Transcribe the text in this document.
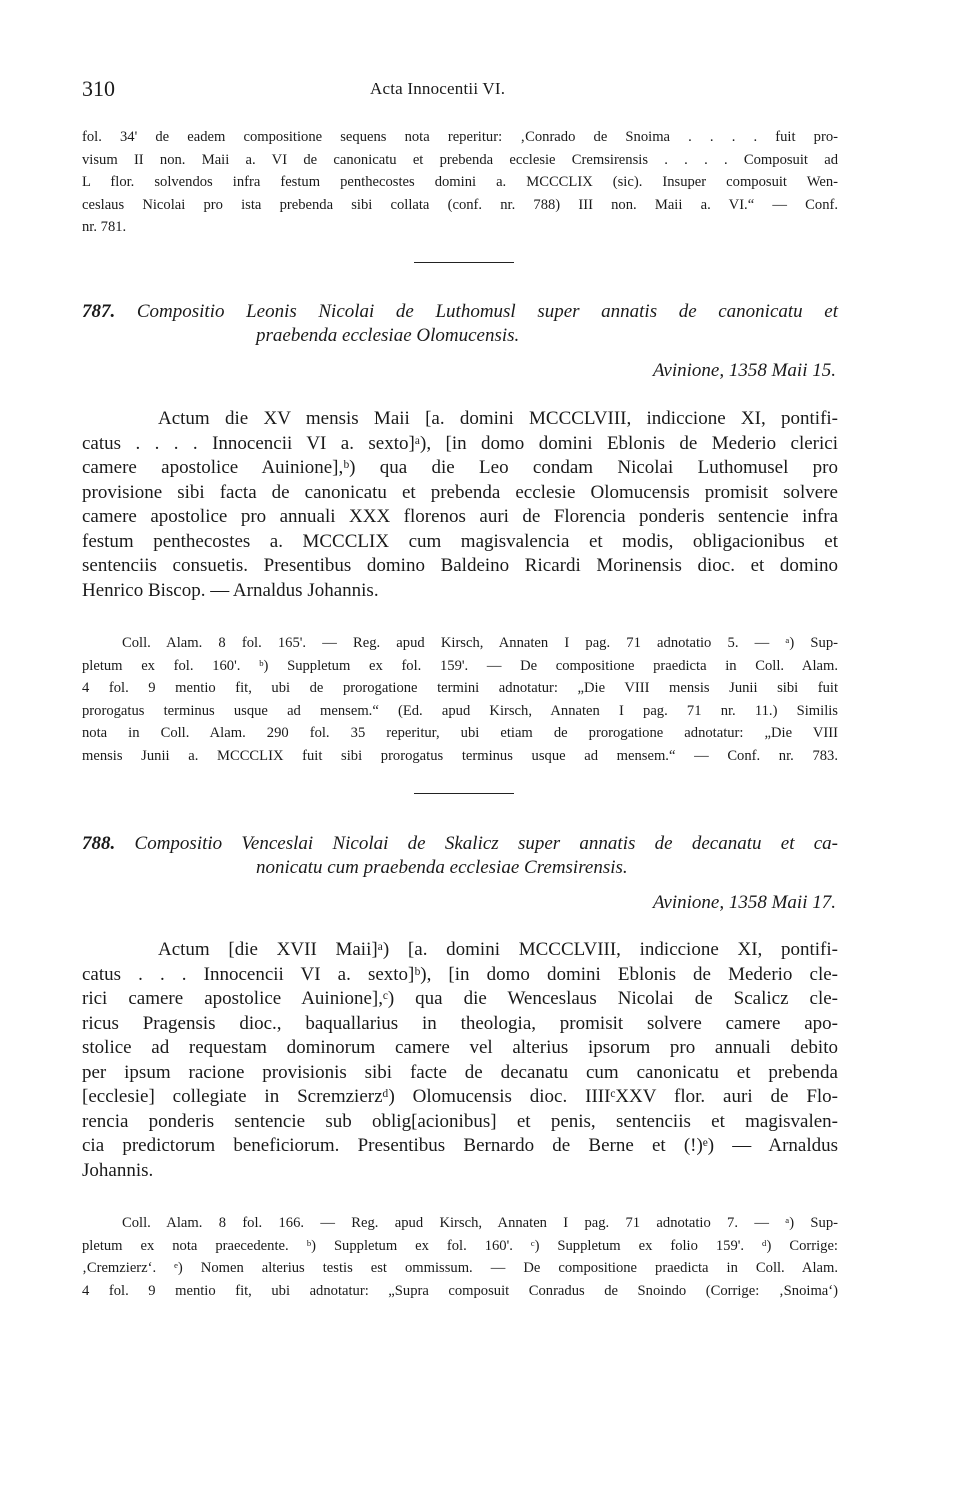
310	Acta Innocentii VI.
fol. 34' de eadem compositione sequens nota reperitur: ‚Conrado de Snoima . . . . fuit pro-
visum II non. Maii a. VI de canonicatu et prebenda ecclesie Cremsirensis . . . . Composuit ad
L flor. solvendos infra festum penthecostes domini a. MCCCLIX (sic). Insuper composuit Wen-
ceslaus Nicolai pro ista prebenda sibi collata (conf. nr. 788) III non. Maii a. VI.“ — Conf.
nr. 781.
787. Compositio Leonis Nicolai de Luthomusl super annatis de canonicatu et
praebenda ecclesiae Olomucensis.
Avinione, 1358 Maii 15.
Actum die XV mensis Maii [a. domini MCCCLVIII, indiccione XI, pontifi-
catus . . . . Innocencii VI a. sexto]ᵃ), [in domo domini Eblonis de Mederio clerici
camere apostolice Auinione],ᵇ) qua die Leo condam Nicolai Luthomusel pro
provisione sibi facta de canonicatu et prebenda ecclesie Olomucensis promisit solvere
camere apostolice pro annuali XXX florenos auri de Florencia ponderis sentencie infra
festum penthecostes a. MCCCLIX cum magisvalencia et modis, obligacionibus et
sentenciis consuetis. Presentibus domino Baldeino Ricardi Morinensis dioc. et domino
Henrico Biscop. — Arnaldus Johannis.
Coll. Alam. 8 fol. 165'. — Reg. apud Kirsch, Annaten I pag. 71 adnotatio 5. — ᵃ) Sup-
pletum ex fol. 160'. ᵇ) Suppletum ex fol. 159'. — De compositione praedicta in Coll. Alam.
4 fol. 9 mentio fit, ubi de prorogatione termini adnotatur: „Die VIII mensis Junii sibi fuit
prorogatus terminus usque ad mensem.“ (Ed. apud Kirsch, Annaten I pag. 71 nr. 11.) Similis
nota in Coll. Alam. 290 fol. 35 reperitur, ubi etiam de prorogatione adnotatur: „Die VIII
mensis Junii a. MCCCLIX fuit sibi prorogatus terminus usque ad mensem.“ — Conf. nr. 783.
788. Compositio Venceslai Nicolai de Skalicz super annatis de decanatu et ca-
nonicatu cum praebenda ecclesiae Cremsirensis.
Avinione, 1358 Maii 17.
Actum [die XVII Maii]ᵃ) [a. domini MCCCLVIII, indiccione XI, pontifi-
catus . . . Innocencii VI a. sexto]ᵇ), [in domo domini Eblonis de Mederio cle-
rici camere apostolice Auinione],ᶜ) qua die Wenceslaus Nicolai de Scalicz cle-
ricus Pragensis dioc., baquallarius in theologia, promisit solvere camere apo-
stolice ad requestam dominorum camere vel alterius ipsorum pro annuali debito
per ipsum racione provisionis sibi facte de decanatu cum canonicatu et prebenda
[ecclesie] collegiate in Scremzierzᵈ) Olomucensis dioc. IIIIᶜXXV flor. auri de Flo-
rencia ponderis sentencie sub oblig[acionibus] et penis, sentenciis et magisvalen-
cia predictorum beneficiorum. Presentibus Bernardo de Berne et (!)ᵉ) — Arnaldus
Johannis.
Coll. Alam. 8 fol. 166. — Reg. apud Kirsch, Annaten I pag. 71 adnotatio 7. — ᵃ) Sup-
pletum ex nota praecedente. ᵇ) Suppletum ex fol. 160'. ᶜ) Suppletum ex folio 159'. ᵈ) Corrige:
‚Cremzierz‘. ᵉ) Nomen alterius testis est ommissum. — De compositione praedicta in Coll. Alam.
4 fol. 9 mentio fit, ubi adnotatur: „Supra composuit Conradus de Snoindo (Corrige: ‚Snoima‘)
